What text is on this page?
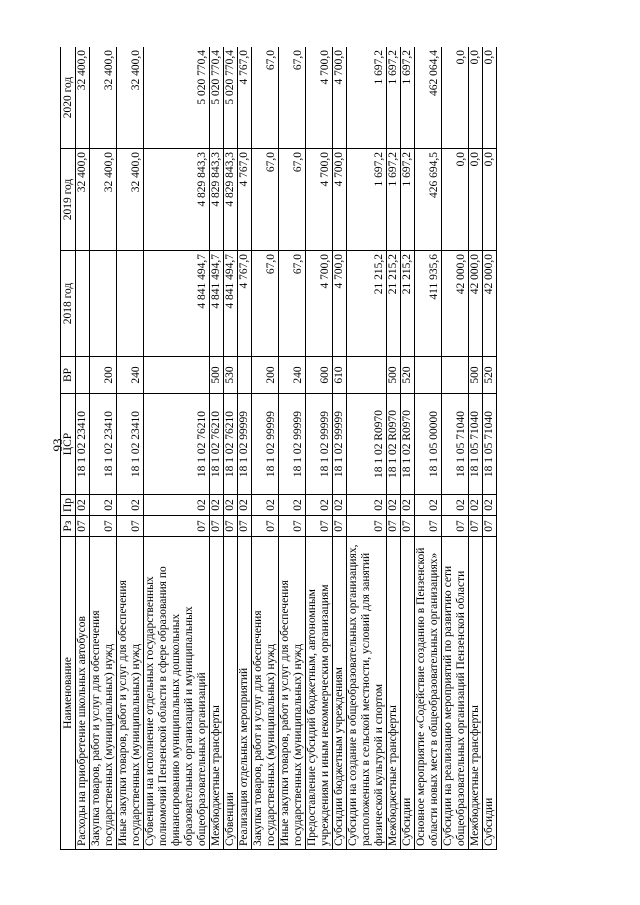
93
Наименование	Рз	Пр	ЦСР	ВР	2018 год	2019 год	2020 год
Расходы на приобретение школьных автобусов	07	02	18 1 02 23410			32 400,0	32 400,0
Закупка товаров, работ и услуг для обеспечения государственных (муниципальных) нужд	07	02	18 1 02 23410	200		32 400,0	32 400,0
Иные закупки товаров, работ и услуг для обеспечения государственных (муниципальных) нужд	07	02	18 1 02 23410	240		32 400,0	32 400,0
Субвенции на исполнение отдельных государственных полномочий Пензенской области в сфере образования по финансированию муниципальных дошкольных образовательных организаций и муниципальных общеобразовательных организаций	07	02	18 1 02 76210		4 841 494,7	4 829 843,3	5 020 770,4
Межбюджетные трансферты	07	02	18 1 02 76210	500	4 841 494,7	4 829 843,3	5 020 770,4
Субвенции	07	02	18 1 02 76210	530	4 841 494,7	4 829 843,3	5 020 770,4
Реализация отдельных мероприятий	07	02	18 1 02 99999		4 767,0	4 767,0	4 767,0
Закупка товаров, работ и услуг для обеспечения государственных (муниципальных) нужд	07	02	18 1 02 99999	200	67,0	67,0	67,0
Иные закупки товаров, работ и услуг для обеспечения государственных (муниципальных) нужд	07	02	18 1 02 99999	240	67,0	67,0	67,0
Предоставление субсидий бюджетным, автономным учреждениям и иным некоммерческим организациям	07	02	18 1 02 99999	600	4 700,0	4 700,0	4 700,0
Субсидии бюджетным учреждениям	07	02	18 1 02 99999	610	4 700,0	4 700,0	4 700,0
Субсидии на создание в общеобразовательных организациях, расположенных в сельской местности, условий для занятий физической культурой и спортом	07	02	18 1 02 R0970		21 215,2	1 697,2	1 697,2
Межбюджетные трансферты	07	02	18 1 02 R0970	500	21 215,2	1 697,2	1 697,2
Субсидии	07	02	18 1 02 R0970	520	21 215,2	1 697,2	1 697,2
Основное мероприятие «Содействие созданию в Пензенской области новых мест в общеобразовательных организациях»	07	02	18 1 05 00000		411 935,6	426 694,5	462 064,4
Субсидии на реализацию мероприятий по развитию сети общеобразовательных организаций Пензенской области	07	02	18 1 05 71040		42 000,0	0,0	0,0
Межбюджетные трансферты	07	02	18 1 05 71040	500	42 000,0	0,0	0,0
Субсидии	07	02	18 1 05 71040	520	42 000,0	0,0	0,0
